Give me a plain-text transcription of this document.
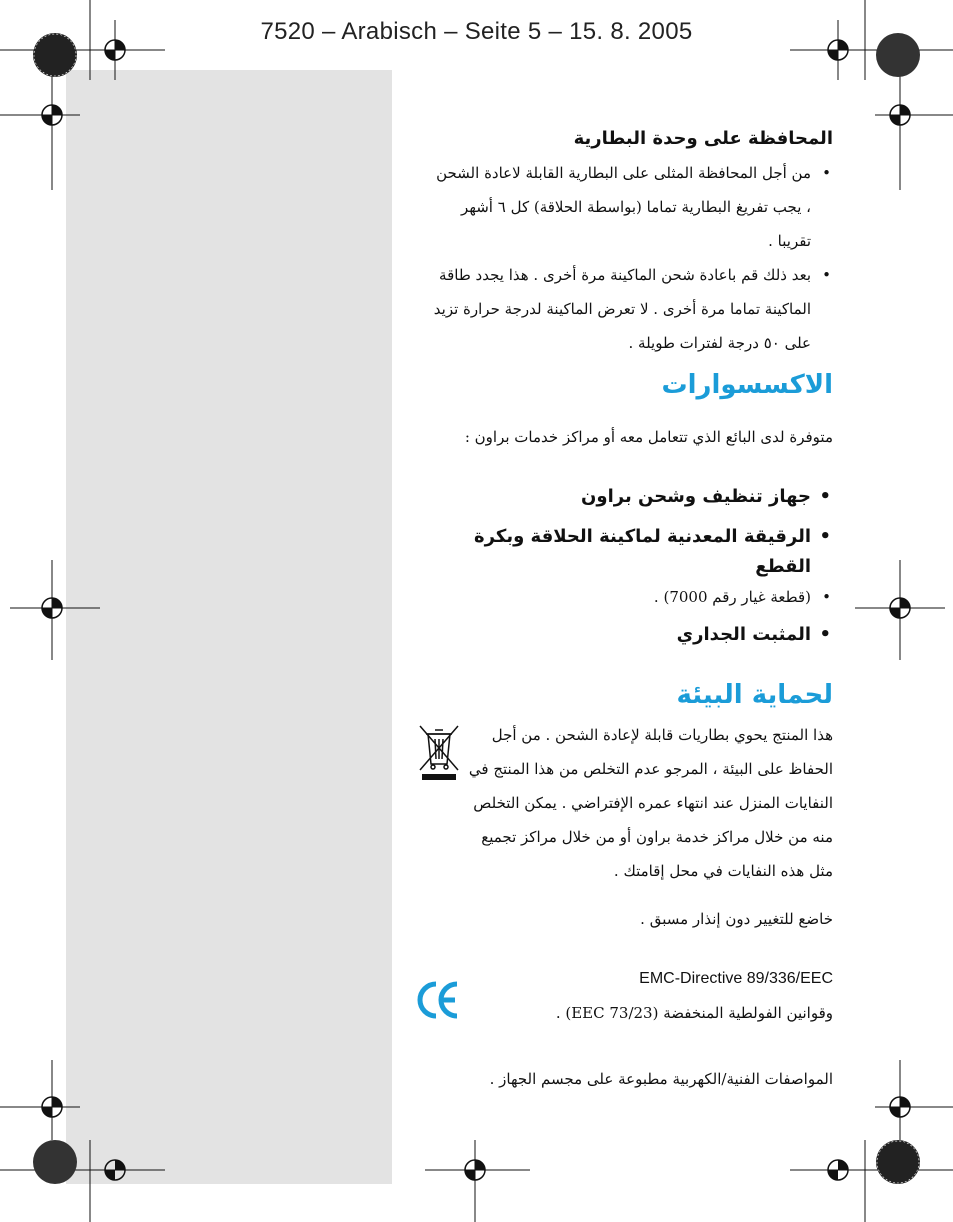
7520 – Arabisch – Seite 5 – 15. 8. 2005
المحافظة على وحدة البطارية
• من أجل المحافظة المثلى على البطارية القابلة لاعادة الشحن ، يجب تفريغ البطارية تماما (بواسطة الحلاقة) كل ٦ أشهر تقريبا .
• بعد ذلك قم باعادة شحن الماكينة مرة أخرى . هذا يجدد طاقة الماكينة تماما مرة أخرى . لا تعرض الماكينة لدرجة حرارة تزيد على ٥٠ درجة لفترات طويلة .
الاكسسوارات
متوفرة لدى البائع الذي تتعامل معه أو مراكز خدمات براون :
• جهاز تنظيف وشحن براون
• الرقيقة المعدنية لماكينة الحلاقة وبكرة القطع
• (قطعة غيار رقم 7000) .
• المثبت الجداري
لحماية البيئة
هذا المنتج يحوي بطاريات قابلة لإعادة الشحن . من أجل الحفاظ على البيئة ، المرجو عدم التخلص من هذا المنتج في النفايات المنزل عند انتهاء عمره الإفتراضي . يمكن التخلص منه من خلال مراكز خدمة براون أو من خلال مراكز تجميع مثل هذه النفايات في محل إقامتك .
خاضع للتغيير دون إنذار مسبق .
EMC-Directive 89/336/EEC
وقوانين الفولطية المنخفضة (73/23 EEC) .
المواصفات الفنية/الكهربية مطبوعة على مجسم الجهاز .
